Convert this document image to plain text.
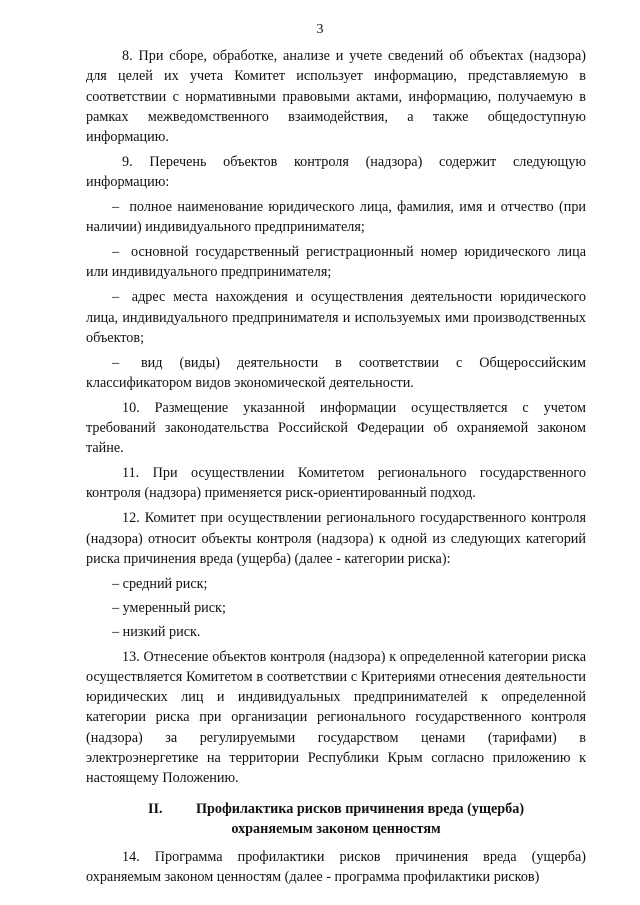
3

8. При сборе, обработке, анализе и учете сведений об объектах (надзора) для целей их учета Комитет использует информацию, представляемую в соответствии с нормативными правовыми актами, информацию, получаемую в рамках межведомственного взаимодействия, а также общедоступную информацию.

9. Перечень объектов контроля (надзора) содержит следующую информацию:

– полное наименование юридического лица, фамилия, имя и отчество (при наличии) индивидуального предпринимателя;

– основной государственный регистрационный номер юридического лица или индивидуального предпринимателя;

– адрес места нахождения и осуществления деятельности юридического лица, индивидуального предпринимателя и используемых ими производственных объектов;

– вид (виды) деятельности в соответствии с Общероссийским классификатором видов экономической деятельности.

10. Размещение указанной информации осуществляется с учетом требований законодательства Российской Федерации об охраняемой законом тайне.

11. При осуществлении Комитетом регионального государственного контроля (надзора) применяется риск-ориентированный подход.

12. Комитет при осуществлении регионального государственного контроля (надзора) относит объекты контроля (надзора) к одной из следующих категорий риска причинения вреда (ущерба) (далее - категории риска):

– средний риск;

– умеренный риск;

– низкий риск.

13. Отнесение объектов контроля (надзора) к определенной категории риска осуществляется Комитетом в соответствии с Критериями отнесения деятельности юридических лиц и индивидуальных предпринимателей к определенной категории риска при организации регионального государственного контроля (надзора) за регулируемыми государством ценами (тарифами) в электроэнергетике на территории Республики Крым согласно приложению к настоящему Положению.

II. Профилактика рисков причинения вреда (ущерба)
охраняемым законом ценностям

14. Программа профилактики рисков причинения вреда (ущерба) охраняемым законом ценностям (далее - программа профилактики рисков)
